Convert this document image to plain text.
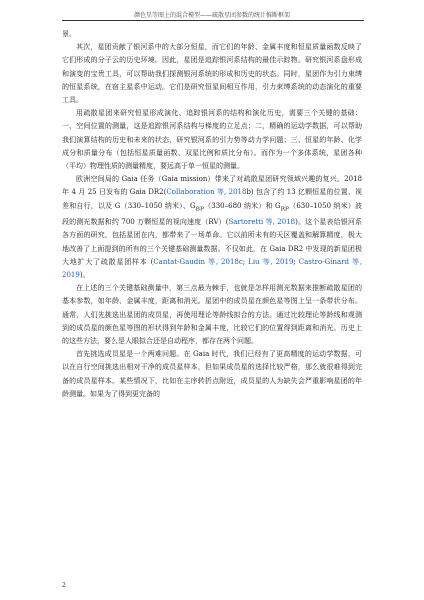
颜色星等图上的混合模型——疏散星团参数的统计推断框架

景。

其次，星团贡献了银河系中的大部分恒星，而它们的年龄、金属丰度和恒星质量函数反映了它们形成的分子云的历史环境。因此，星团是追踪银河系结构的最佳示踪物。研究银河系盘形成和演变的宝贵工具，可以帮助我们探测银河系统的形成和历史的状态。同时，星团作为引力束缚的恒星系统，在宿主星系中运动。它们是研究恒星间相互作用，引力束缚系统的动态演化的重要工具。

用疏散星团来研究恒星形成演化、追踪银河系的结构和演化历史，需要三个关键的基础：一、空间位置的测量，这是追踪银河系结构与梯度的立足点；二，精确的运动学数据，可以帮助我们演算结构的历史和未来的状态，研究银河系的引力势等动力学问题；三、恒星的年龄、化学成分和质量分布（包括恒星质量函数、双星比例和质比分布）。而作为一个多体系统，星团各种（平均）物理性质的测量精度，要远高于单一恒星的测量。

欧洲空间局的 Gaia 任务（Gaia mission）带来了对疏散星团研究领域兴趣的复兴。2018 年 4 月 25 日发布的 Gaia DR2(Collaboration 等, 2018b) 包含了约 13 亿颗恒星的位置、视差和自行，以及 G（330–1050 纳米）、$G_{BP}(330-680$ 纳米）和 $G_{RP}(630-1050$ 纳米）波段的测光数据和约 700 万颗恒星的视向速度（RV）(Sartoretti 等, 2018)。这个星表给银河系各方面的研究，包括星团在内，都带来了一场革命。它以前所未有的天区覆盖和解算精度，极大地改善了上面提到的所有的三个关键基础测量数据。不仅如此，在 Gaia DR2 中发现的新星团极大地扩大了疏散星团样本 (Cantat-Gaudin 等, 2018c; Liu 等, 2019; Castro-Ginard 等, 2019)。

在上述的三个关键基础测量中，第三点最为棘手，也就是怎样用测光数据来推断疏散星团的基本参数，如年龄、金属丰度，距离和消光。星团中的成员星在颜色星等图上呈一条带状分布。通常，人们先挑选出星团的成员星，再使用理论等龄线拟合的方法。通过比较理论等龄线和观测到的成员星的颜色星等图的形状得到年龄和金属丰度，比较它们的位置得到距离和消光。历史上的这些方法，要么是人眼拟合还是自动程序，都存在两个问题。

首先挑选成员星是一个两难问题。在 Gaia 时代，我们已经有了更高精度的运动学数据，可以在自行空间挑选出相对干净的成员星样本，但如果成员星的选择比较严格，那么就很难得到完备的成员星样本。某些情况下，比如在主序转折点附近，成员星的人为缺失会严重影响星团的年龄测量。如果为了得到更完备的

2
